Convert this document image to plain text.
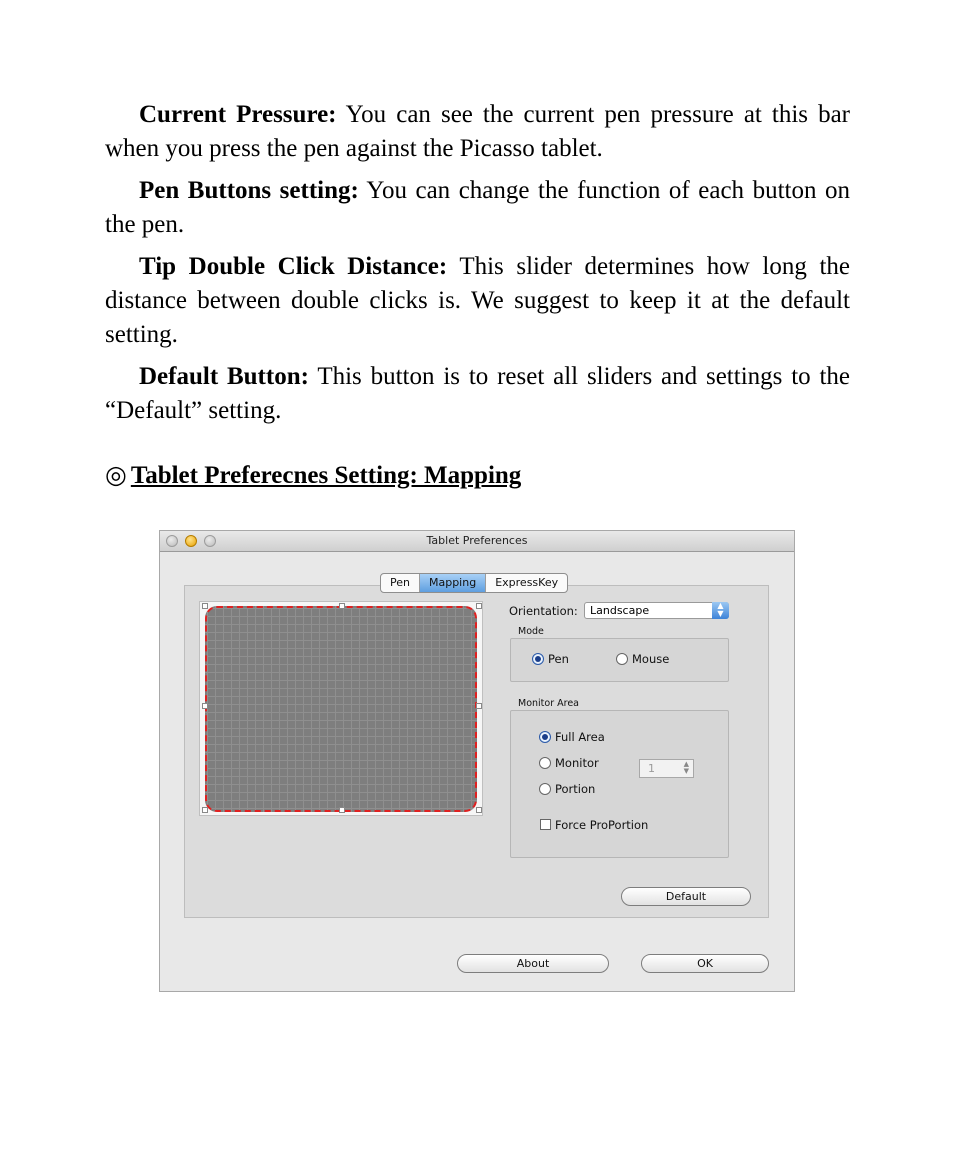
Current Pressure: You can see the current pen pressure at this bar when you press the pen against the Picasso tablet.

Pen Buttons setting: You can change the function of each button on the pen.

Tip Double Click Distance: This slider determines how long the distance between double clicks is. We suggest to keep it at the default setting.

Default Button: This button is to reset all sliders and settings to the “Default” setting.

◎ Tablet Preferecnes Setting: Mapping
Tablet Preferences
Pen	Mapping	ExpressKey
Orientation:	Landscape	▲
▼
Mode
Pen	Mouse
Monitor Area
Full Area
Monitor	1	▲
▼
Portion
Force ProPortion
Default
About	OK
